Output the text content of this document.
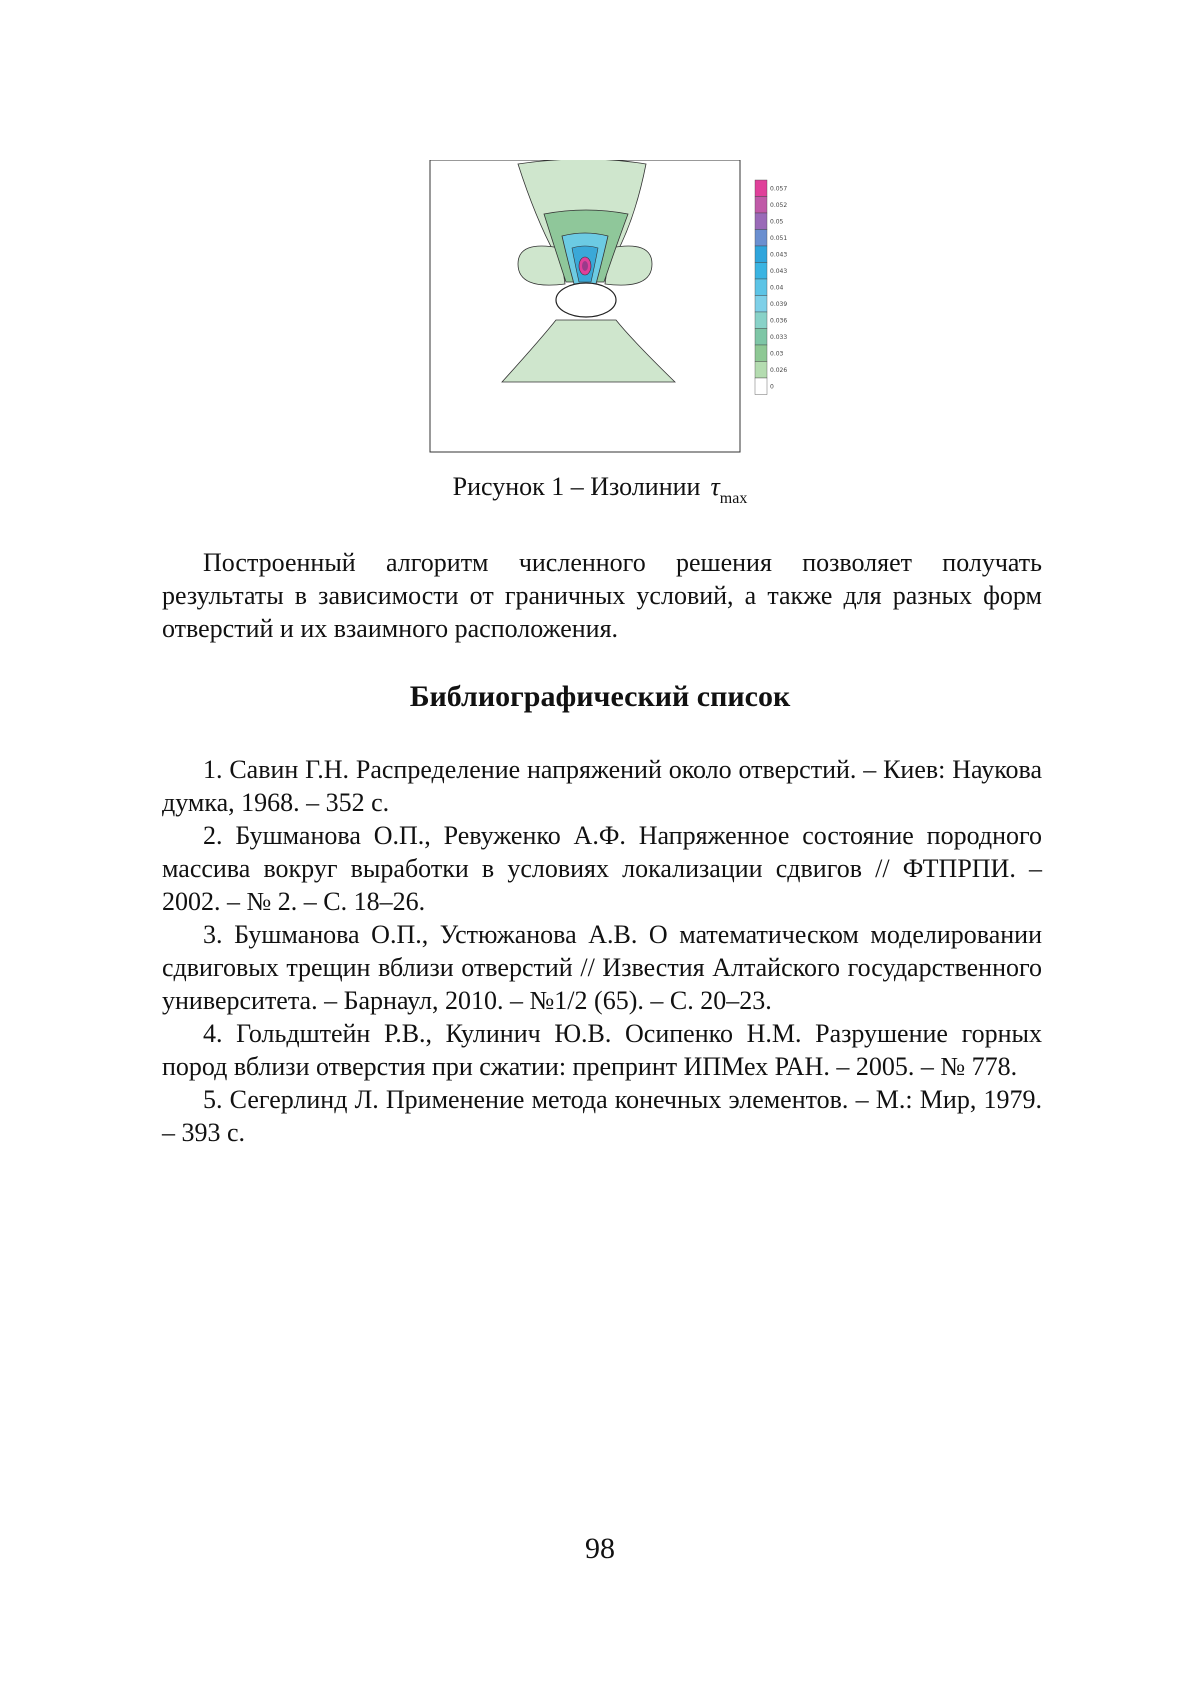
0.057
0.052
0.05
0.051
0.043
0.043
0.04
0.039
0.036
0.033
0.03
0.026
0
Рисунок 1 – Изолинии $\tau_{max}$

Построенный алгоритм численного решения позволяет получать результаты в зависимости от граничных условий, а также для разных форм отверстий и их взаимного расположения.

Библиографический список

1. Савин Г.Н. Распределение напряжений около отверстий. – Киев: Наукова думка, 1968. – 352 с.

2. Бушманова О.П., Ревуженко А.Ф. Напряженное состояние породного массива вокруг выработки в условиях локализации сдвигов // ФТПРПИ. – 2002. – № 2. – С. 18–26.

3. Бушманова О.П., Устюжанова А.В. О математическом моделировании сдвиговых трещин вблизи отверстий // Известия Алтайского государственного университета. – Барнаул, 2010. – №1/2 (65). – С. 20–23.

4. Гольдштейн Р.В., Кулинич Ю.В. Осипенко Н.М. Разрушение горных пород вблизи отверстия при сжатии: препринт ИПМех РАН. – 2005. – № 778.

5. Сегерлинд Л. Применение метода конечных элементов. – М.: Мир, 1979. – 393 с.

98
